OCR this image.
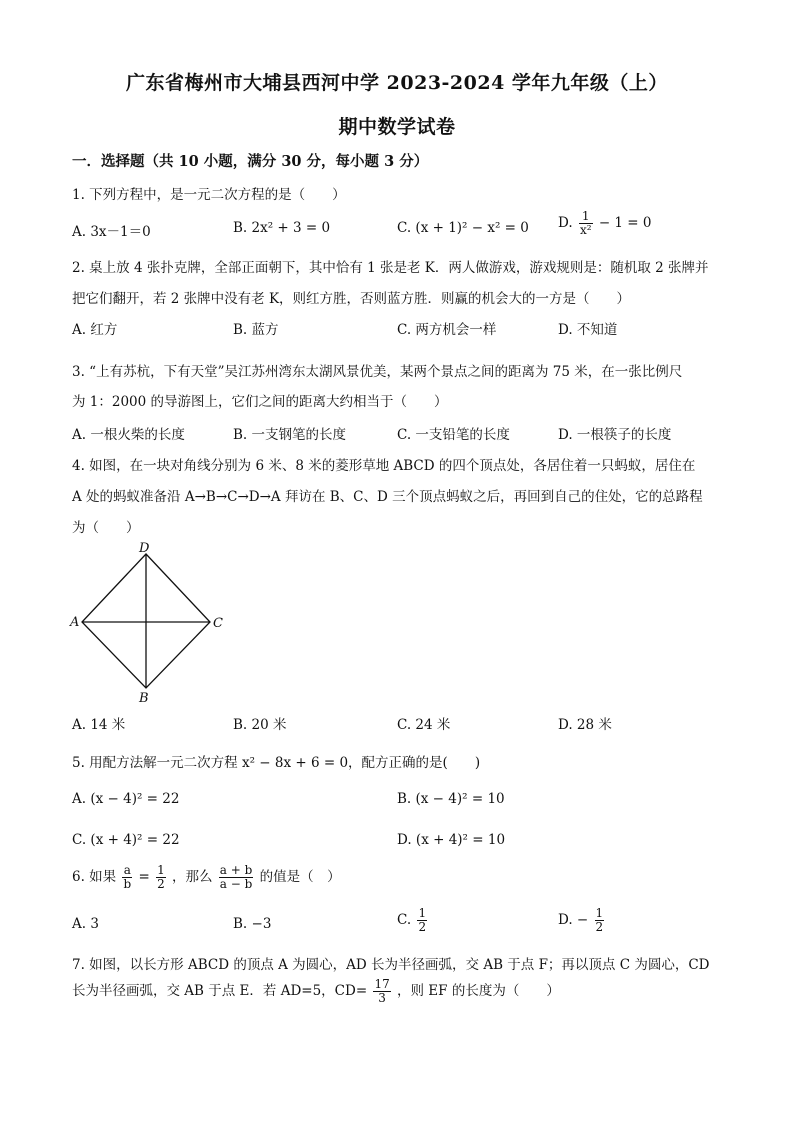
广东省梅州市大埔县西河中学 2023-2024 学年九年级（上）
期中数学试卷
一．选择题（共 10 小题，满分 30 分，每小题 3 分）
1. 下列方程中，是一元二次方程的是（　　）
A. 3x－1＝0	B. 2x² + 3 = 0	C. (x + 1)² − x² = 0 D. $\frac{1}{\text{x²}} - 1 = 0$
2. 桌上放 4 张扑克牌，全部正面朝下，其中恰有 1 张是老 K．两人做游戏，游戏规则是：随机取 2 张牌并
把它们翻开，若 2 张牌中没有老 K，则红方胜，否则蓝方胜．则赢的机会大的一方是（　　）
A. 红方	B. 蓝方	C. 两方机会一样	D. 不知道
3. “上有苏杭，下有天堂”吴江苏州湾东太湖风景优美，某两个景点之间的距离为 75 米，在一张比例尺
为 1：2000 的导游图上，它们之间的距离大约相当于（　　）
A. 一根火柴的长度	B. 一支钢笔的长度	C. 一支铅笔的长度	D. 一根筷子的长度
4. 如图，在一块对角线分别为 6 米、8 米的菱形草地 ABCD 的四个顶点处，各居住着一只蚂蚁，居住在
A 处的蚂蚁准备沿 A→B→C→D→A 拜访在 B、C、D 三个顶点蚂蚁之后，再回到自己的住处，它的总路程
为（　　）
D
A	C
B
A. 14 米	B. 20 米	C. 24 米	D. 28 米
5. 用配方法解一元二次方程 x² − 8x + 6 = 0，配方正确的是(　　)
A. (x − 4)² = 22	B. (x − 4)² = 10
C. (x + 4)² = 22	D. (x + 4)² = 10
6. 如果 $\frac{a}{b} = \frac{1}{2}$ ，那么 $\frac{a + b}{a - b}$ 的值是（　）
A. 3	B. −3	C. $\frac{1}{2}$	D. − $\frac{1}{2}$
7. 如图，以长方形 ABCD 的顶点 A 为圆心，AD 长为半径画弧，交 AB 于点 F；再以顶点 C 为圆心，CD
长为半径画弧，交 AB 于点 E．若 AD=5，$CD= \frac{17}{3}$ ，则 EF 的长度为（　　）
